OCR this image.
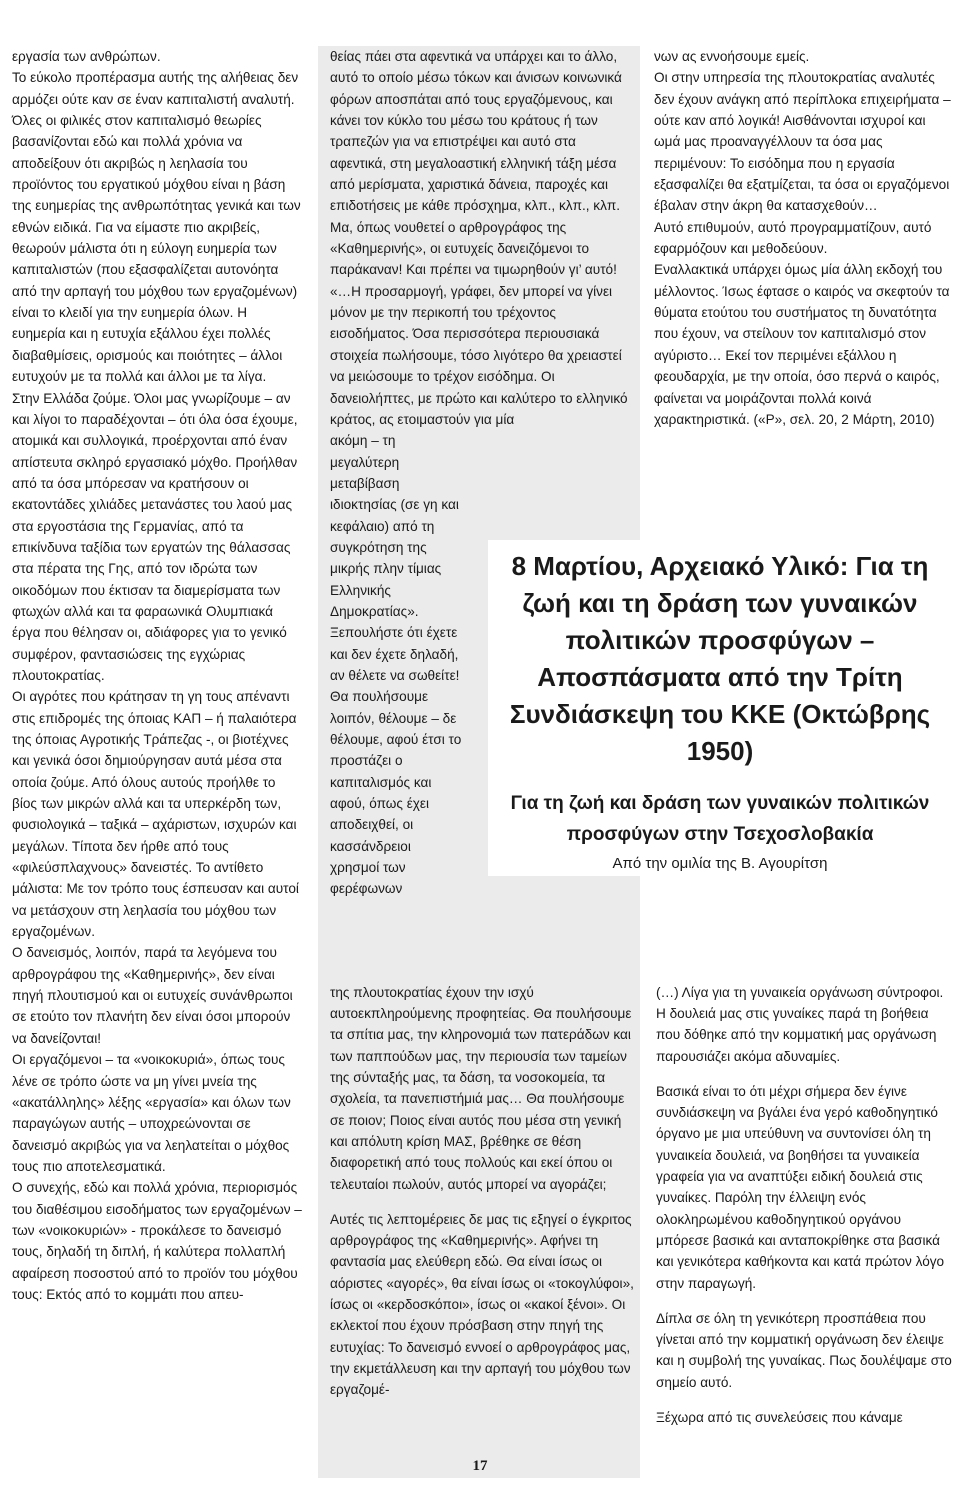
εργασία των ανθρώπων.

Το εύκολο προπέρασμα αυτής της αλήθειας δεν αρμόζει ούτε καν σε έναν καπιταλιστή αναλυτή. Όλες οι φιλικές στον καπιταλισμό θεωρίες βασανίζονται εδώ και πολλά χρόνια να αποδείξουν ότι ακριβώς η λεηλασία του προϊόντος του εργατικού μόχθου είναι η βάση της ευημερίας της ανθρωπότητας γενικά και των εθνών ειδικά. Για να είμαστε πιο ακριβείς, θεωρούν μάλιστα ότι η εύλογη ευημερία των καπιταλιστών (που εξασφαλίζεται αυτονόητα από την αρπαγή του μόχθου των εργαζομένων) είναι το κλειδί για την ευημερία όλων. Η ευημερία και η ευτυχία εξάλλου έχει πολλές διαβαθμίσεις, ορισμούς και ποιότητες – άλλοι ευτυχούν με τα πολλά και άλλοι με τα λίγα.

Στην Ελλάδα ζούμε. Όλοι μας γνωρίζουμε – αν και λίγοι το παραδέχονται – ότι όλα όσα έχουμε, ατομικά και συλλογικά, προέρχονται από έναν απίστευτα σκληρό εργασιακό μόχθο. Προήλθαν από τα όσα μπόρεσαν να κρατήσουν οι εκατοντάδες χιλιάδες μετανάστες του λαού μας στα εργοστάσια της Γερμανίας, από τα επικίνδυνα ταξίδια των εργατών της θάλασσας στα πέρατα της Γης, από τον ιδρώτα των οικοδόμων που έκτισαν τα διαμερίσματα των φτωχών αλλά και τα φαραωνικά Ολυμπιακά έργα που θέλησαν οι, αδιάφορες για το γενικό συμφέρον, φαντασιώσεις της εγχώριας πλουτοκρατίας.

Οι αγρότες που κράτησαν τη γη τους απέναντι στις επιδρομές της όποιας ΚΑΠ – ή παλαιότερα της όποιας Αγροτικής Τράπεζας -, οι βιοτέχνες και γενικά όσοι δημιούργησαν αυτά μέσα στα οποία ζούμε. Από όλους αυτούς προήλθε το βίος των μικρών αλλά και τα υπερκέρδη των, φυσιολογικά – ταξικά – αχάριστων, ισχυρών και μεγάλων. Τίποτα δεν ήρθε από τους «φιλεύσπλαχνους» δανειστές. Το αντίθετο μάλιστα: Με τον τρόπο τους έσπευσαν και αυτοί να μετάσχουν στη λεηλασία του μόχθου των εργαζομένων.

Ο δανεισμός, λοιπόν, παρά τα λεγόμενα του αρθρογράφου της «Καθημερινής», δεν είναι πηγή πλουτισμού και οι ευτυχείς συνάνθρωποι σε ετούτο τον πλανήτη δεν είναι όσοι μπορούν να δανείζονται!

Οι εργαζόμενοι – τα «νοικοκυριά», όπως τους λένε σε τρόπο ώστε να μη γίνει μνεία της «ακατάλληλης» λέξης «εργασία» και όλων των παραγώγων αυτής – υποχρεώνονται σε δανεισμό ακριβώς για να λεηλατείται ο μόχθος τους πιο αποτελεσματικά.

Ο συνεχής, εδώ και πολλά χρόνια, περιορισμός του διαθέσιμου εισοδήματος των εργαζομένων – των «νοικοκυριών» - προκάλεσε το δανεισμό τους, δηλαδή τη διπλή, ή καλύτερα πολλαπλή αφαίρεση ποσοστού από το προϊόν του μόχθου τους: Εκτός από το κομμάτι που απευ-

θείας πάει στα αφεντικά να υπάρχει και το άλλο, αυτό το οποίο μέσω τόκων και άνισων κοινωνικά φόρων αποσπάται από τους εργαζόμενους, και κάνει τον κύκλο του μέσω του κράτους ή των τραπεζών για να επιστρέψει και αυτό στα αφεντικά, στη μεγαλοαστική ελληνική τάξη μέσα από μερίσματα, χαριστικά δάνεια, παροχές και επιδοτήσεις με κάθε πρόσχημα, κλπ., κλπ., κλπ.

Μα, όπως νουθετεί ο αρθρογράφος της «Καθημερινής», οι ευτυχείς δανειζόμενοι το παράκαναν! Και πρέπει να τιμωρηθούν γι’ αυτό! «…Η προσαρμογή, γράφει, δεν μπορεί να γίνει μόνον με την περικοπή του τρέχοντος εισοδήματος. Όσα περισσότερα περιουσιακά στοιχεία πωλήσουμε, τόσο λιγότερο θα χρειαστεί να μειώσουμε το τρέχον εισόδημα. Οι δανειολήπτες, με πρώτο και καλύτερο το ελληνικό κράτος, ας ετοιμαστούν για μία

ακόμη – τη μεγαλύτερη μεταβίβαση ιδιοκτησίας (σε γη και κεφάλαιο) από τη συγκρότηση της μικρής πλην τίμιας Ελληνικής Δημοκρατίας». Ξεπουλήστε ότι έχετε και δεν έχετε δηλαδή, αν θέλετε να σωθείτε! Θα πουλήσουμε λοιπόν, θέλουμε – δε θέλουμε, αφού έτσι το προστάζει ο καπιταλισμός και αφού, όπως έχει αποδειχθεί, οι κασσάνδρειοι χρησμοί των φερέφωνων

της πλουτοκρατίας έχουν την ισχύ αυτοεκπληρούμενης προφητείας. Θα πουλήσουμε τα σπίτια μας, την κληρονομιά των πατεράδων και των παππούδων μας, την περιουσία των ταμείων της σύνταξής μας, τα δάση, τα νοσοκομεία, τα σχολεία, τα πανεπιστήμιά μας… Θα πουλήσουμε σε ποιον; Ποιος είναι αυτός που μέσα στη γενική και απόλυτη κρίση ΜΑΣ, βρέθηκε σε θέση διαφορετική από τους πολλούς και εκεί όπου οι τελευταίοι πωλούν, αυτός μπορεί να αγοράζει;

Αυτές τις λεπτομέρειες δε μας τις εξηγεί ο έγκριτος αρθρογράφος της «Καθημερινής». Αφήνει τη φαντασία μας ελεύθερη εδώ. Θα είναι ίσως οι αόριστες «αγορές», θα είναι ίσως οι «τοκογλύφοι», ίσως οι «κερδοσκόποι», ίσως οι «κακοί ξένοι». Οι εκλεκτοί που έχουν πρόσβαση στην πηγή της ευτυχίας: Το δανεισμό εννοεί ο αρθρογράφος μας, την εκμετάλλευση και την αρπαγή του μόχθου των εργαζομέ-

νων ας εννοήσουμε εμείς.

Οι στην υπηρεσία της πλουτοκρατίας αναλυτές δεν έχουν ανάγκη από περίπλοκα επιχειρήματα – ούτε καν από λογικά! Αισθάνονται ισχυροί και ωμά μας προαναγγέλλουν τα όσα μας περιμένουν: Το εισόδημα που η εργασία εξασφαλίζει θα εξατμίζεται, τα όσα οι εργαζόμενοι έβαλαν στην άκρη θα κατασχεθούν…

Αυτό επιθυμούν, αυτό προγραμματίζουν, αυτό εφαρμόζουν και μεθοδεύουν.

Εναλλακτικά υπάρχει όμως μία άλλη εκδοχή του μέλλοντος. Ίσως έφτασε ο καιρός να σκεφτούν τα θύματα ετούτου του συστήματος τη δυνατότητα που έχουν, να στείλουν τον καπιταλισμό στον αγύριστο… Εκεί τον περιμένει εξάλλου η φεουδαρχία, με την οποία, όσο περνά ο καιρός, φαίνεται να μοιράζονται πολλά κοινά χαρακτηριστικά. («Ρ», σελ. 20, 2 Μάρτη, 2010)

8 Μαρτίου, Αρχειακό Υλικό: Για τη ζωή και τη δράση των γυναικών πολιτικών προσφύγων – Αποσπάσματα από την Τρίτη Συνδιάσκεψη του ΚΚΕ (Οκτώβρης 1950)
Για τη ζωή και δράση των γυναικών πολιτικών προσφύγων στην Τσεχοσλοβακία
Από την ομιλία της Β. Αγουρίτση

(…) Λίγα για τη γυναικεία οργάνωση σύντροφοι. Η δουλειά μας στις γυναίκες παρά τη βοήθεια που δόθηκε από την κομματική μας οργάνωση παρουσιάζει ακόμα αδυναμίες.

Βασικά είναι το ότι μέχρι σήμερα δεν έγινε συνδιάσκεψη να βγάλει ένα γερό καθοδηγητικό όργανο με μια υπεύθυνη να συντονίσει όλη τη γυναικεία δουλειά, να βοηθήσει τα γυναικεία γραφεία για να αναπτύξει ειδική δουλειά στις γυναίκες. Παρόλη την έλλειψη ενός ολοκληρωμένου καθοδηγητικού οργάνου μπόρεσε βασικά και ανταποκρίθηκε στα βασικά και γενικότερα καθήκοντα και κατά πρώτον λόγο στην παραγωγή.

Δίπλα σε όλη τη γενικότερη προσπάθεια που γίνεται από την κομματική οργάνωση δεν έλειψε και η συμβολή της γυναίκας. Πως δουλέψαμε στο σημείο αυτό.

Ξέχωρα από τις συνελεύσεις που κάναμε

17
